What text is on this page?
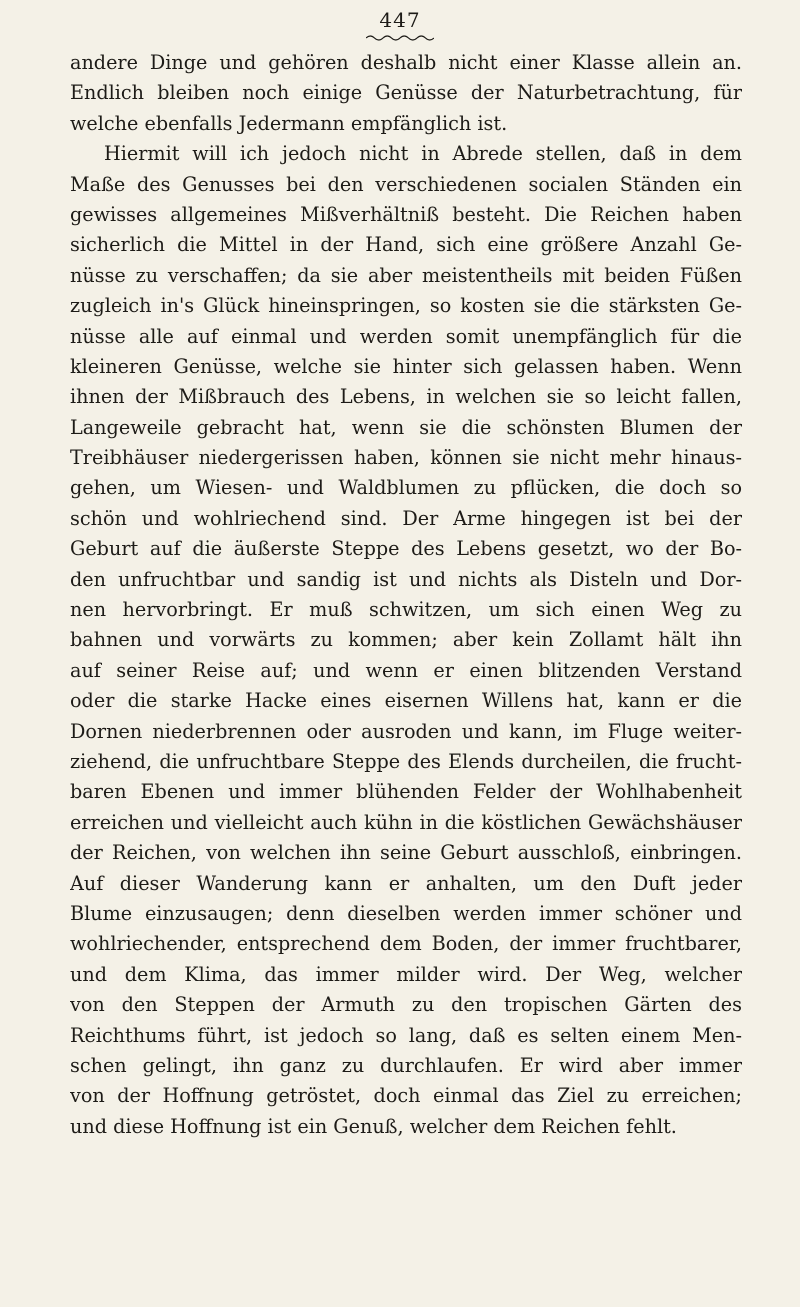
447
andere Dinge und gehören deshalb nicht einer Klasse allein an.
Endlich bleiben noch einige Genüsse der Naturbetrachtung, für
welche ebenfalls Jedermann empfänglich ist.
Hiermit will ich jedoch nicht in Abrede stellen, daß in dem
Maße des Genusses bei den verschiedenen socialen Ständen ein
gewisses allgemeines Mißverhältniß besteht. Die Reichen haben
sicherlich die Mittel in der Hand, sich eine größere Anzahl Ge-
nüsse zu verschaffen; da sie aber meistentheils mit beiden Füßen
zugleich in's Glück hineinspringen, so kosten sie die stärksten Ge-
nüsse alle auf einmal und werden somit unempfänglich für die
kleineren Genüsse, welche sie hinter sich gelassen haben. Wenn
ihnen der Mißbrauch des Lebens, in welchen sie so leicht fallen,
Langeweile gebracht hat, wenn sie die schönsten Blumen der
Treibhäuser niedergerissen haben, können sie nicht mehr hinaus-
gehen, um Wiesen- und Waldblumen zu pflücken, die doch so
schön und wohlriechend sind. Der Arme hingegen ist bei der
Geburt auf die äußerste Steppe des Lebens gesetzt, wo der Bo-
den unfruchtbar und sandig ist und nichts als Disteln und Dor-
nen hervorbringt. Er muß schwitzen, um sich einen Weg zu
bahnen und vorwärts zu kommen; aber kein Zollamt hält ihn
auf seiner Reise auf; und wenn er einen blitzenden Verstand
oder die starke Hacke eines eisernen Willens hat, kann er die
Dornen niederbrennen oder ausroden und kann, im Fluge weiter-
ziehend, die unfruchtbare Steppe des Elends durcheilen, die frucht-
baren Ebenen und immer blühenden Felder der Wohlhabenheit
erreichen und vielleicht auch kühn in die köstlichen Gewächshäuser
der Reichen, von welchen ihn seine Geburt ausschloß, einbringen.
Auf dieser Wanderung kann er anhalten, um den Duft jeder
Blume einzusaugen; denn dieselben werden immer schöner und
wohlriechender, entsprechend dem Boden, der immer fruchtbarer,
und dem Klima, das immer milder wird. Der Weg, welcher
von den Steppen der Armuth zu den tropischen Gärten des
Reichthums führt, ist jedoch so lang, daß es selten einem Men-
schen gelingt, ihn ganz zu durchlaufen. Er wird aber immer
von der Hoffnung getröstet, doch einmal das Ziel zu erreichen;
und diese Hoffnung ist ein Genuß, welcher dem Reichen fehlt.
